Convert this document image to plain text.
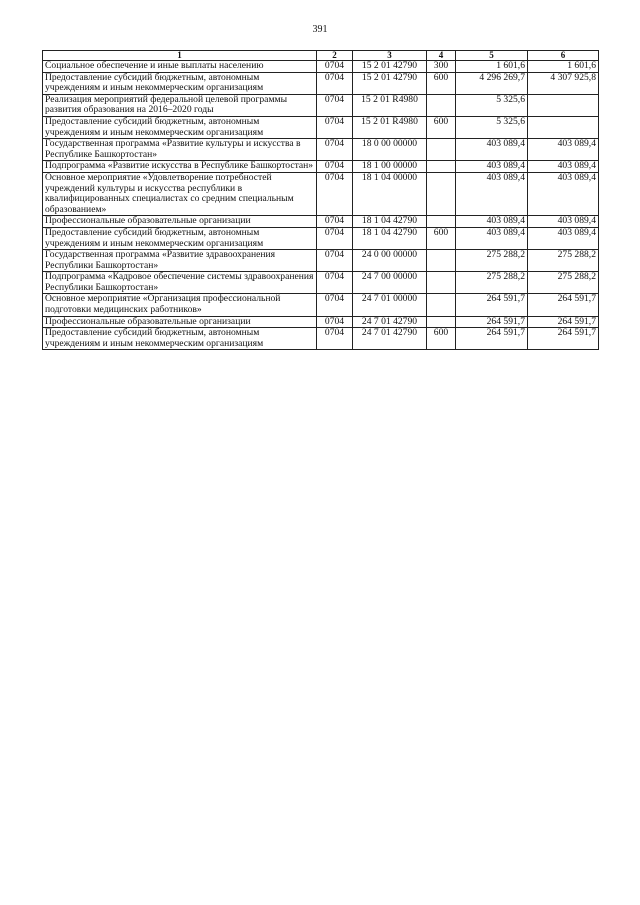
391
1	2	3	4	5	6
Социальное обеспечение и иные выплаты населению	0704	15 2 01 42790	300	1 601,6	1 601,6
Предоставление субсидий бюджетным, автономным учреждениям и иным некоммерческим организациям	0704	15 2 01 42790	600	4 296 269,7	4 307 925,8
Реализация мероприятий федеральной целевой программы развития образования на 2016–2020 годы	0704	15 2 01 R4980		5 325,6	
Предоставление субсидий бюджетным, автономным учреждениям и иным некоммерческим организациям	0704	15 2 01 R4980	600	5 325,6	
Государственная программа «Развитие культуры и искусства в Республике Башкортостан»	0704	18 0 00 00000		403 089,4	403 089,4
Подпрограмма «Развитие искусства в Республике Башкортостан»	0704	18 1 00 00000		403 089,4	403 089,4
Основное мероприятие «Удовлетворение потребностей учреждений культуры и искусства республики в квалифицированных специалистах со средним специальным образованием»	0704	18 1 04 00000		403 089,4	403 089,4
Профессиональные образовательные организации	0704	18 1 04 42790		403 089,4	403 089,4
Предоставление субсидий бюджетным, автономным учреждениям и иным некоммерческим организациям	0704	18 1 04 42790	600	403 089,4	403 089,4
Государственная программа «Развитие здравоохранения Республики Башкортостан»	0704	24 0 00 00000		275 288,2	275 288,2
Подпрограмма «Кадровое обеспечение системы здравоохранения Республики Башкортостан»	0704	24 7 00 00000		275 288,2	275 288,2
Основное мероприятие «Организация профессиональной подготовки медицинских работников»	0704	24 7 01 00000		264 591,7	264 591,7
Профессиональные образовательные организации	0704	24 7 01 42790		264 591,7	264 591,7
Предоставление субсидий бюджетным, автономным учреждениям и иным некоммерческим организациям	0704	24 7 01 42790	600	264 591,7	264 591,7
